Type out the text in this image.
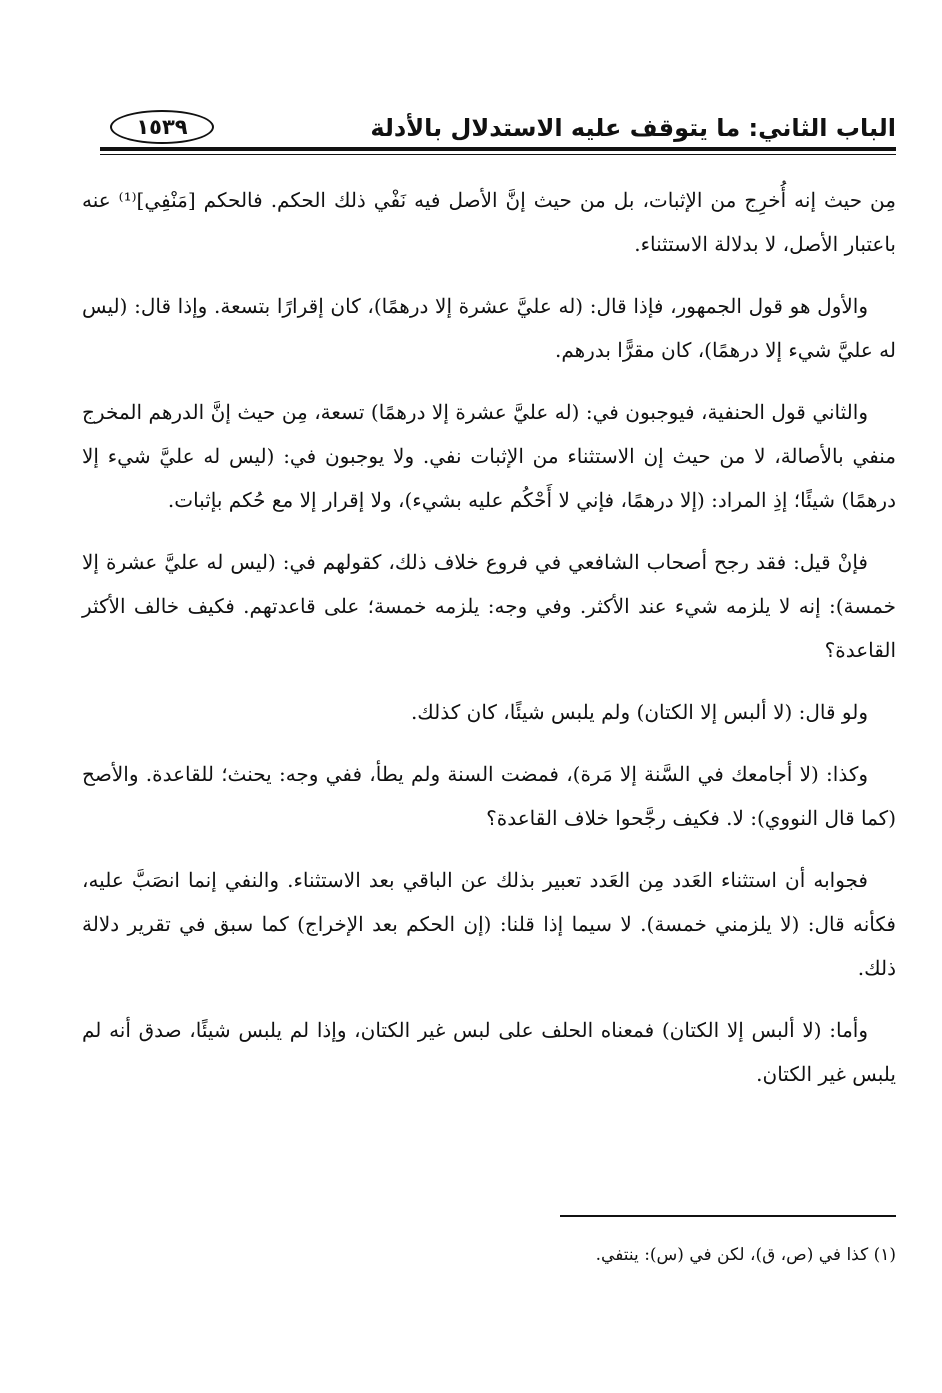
الباب الثاني: ما يتوقف عليه الاستدلال بالأدلة
١٥٣٩

مِن حيث إنه أُخرِج من الإثبات، بل من حيث إنَّ الأصل فيه نَفْي ذلك الحكم. فالحكم [مَنْفِي]⁽¹⁾ عنه باعتبار الأصل، لا بدلالة الاستثناء.

والأول هو قول الجمهور، فإذا قال: (له عليَّ عشرة إلا درهمًا)، كان إقرارًا بتسعة. وإذا قال: (ليس له عليَّ شيء إلا درهمًا)، كان مقرًّا بدرهم.

والثاني قول الحنفية، فيوجبون في: (له عليَّ عشرة إلا درهمًا) تسعة، مِن حيث إنَّ الدرهم المخرج منفي بالأصالة، لا من حيث إن الاستثناء من الإثبات نفي. ولا يوجبون في: (ليس له عليَّ شيء إلا درهمًا) شيئًا؛ إذِ المراد: (إلا درهمًا، فإني لا أَحْكُم عليه بشيء)، ولا إقرار إلا مع حُكم بإثبات.

فإنْ قيل: فقد رجح أصحاب الشافعي في فروع خلاف ذلك، كقولهم في: (ليس له عليَّ عشرة إلا خمسة): إنه لا يلزمه شيء عند الأكثر. وفي وجه: يلزمه خمسة؛ على قاعدتهم. فكيف خالف الأكثر القاعدة؟

ولو قال: (لا ألبس إلا الكتان) ولم يلبس شيئًا، كان كذلك.

وكذا: (لا أجامعك في السَّنة إلا مَرة)، فمضت السنة ولم يطأ، ففي وجه: يحنث؛ للقاعدة. والأصح (كما قال النووي): لا. فكيف رجَّحوا خلاف القاعدة؟

فجوابه أن استثناء العَدد مِن العَدد تعبير بذلك عن الباقي بعد الاستثناء. والنفي إنما انصَبَّ عليه، فكأنه قال: (لا يلزمني خمسة). لا سيما إذا قلنا: (إن الحكم بعد الإخراج) كما سبق في تقرير دلالة ذلك.

وأما: (لا ألبس إلا الكتان) فمعناه الحلف على لبس غير الكتان، وإذا لم يلبس شيئًا، صدق أنه لم يلبس غير الكتان.

(١) كذا في (ص، ق)، لكن في (س): ينتفي.
